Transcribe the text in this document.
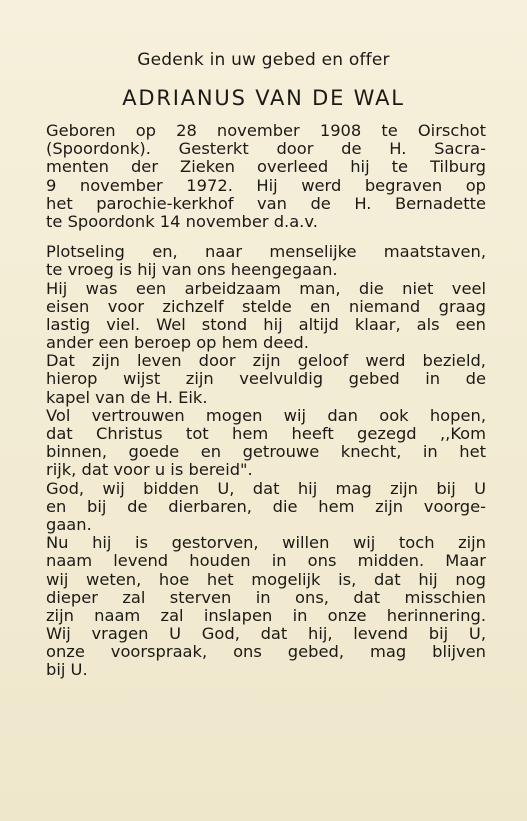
Gedenk in uw gebed en offer
ADRIANUS VAN DE WAL
Geboren op 28 november 1908 te Oirschot
(Spoordonk). Gesterkt door de H. Sacra-
menten der Zieken overleed hij te Tilburg
9 november 1972. Hij werd begraven op
het parochie-kerkhof van de H. Bernadette
te Spoordonk 14 november d.a.v.
Plotseling en, naar menselijke maatstaven,
te vroeg is hij van ons heengegaan.
Hij was een arbeidzaam man, die niet veel
eisen voor zichzelf stelde en niemand graag
lastig viel. Wel stond hij altijd klaar, als een
ander een beroep op hem deed.
Dat zijn leven door zijn geloof werd bezield,
hierop wijst zijn veelvuldig gebed in de
kapel van de H. Eik.
Vol vertrouwen mogen wij dan ook hopen,
dat Christus tot hem heeft gezegd ,,Kom
binnen, goede en getrouwe knecht, in het
rijk, dat voor u is bereid".
God, wij bidden U, dat hij mag zijn bij U
en bij de dierbaren, die hem zijn voorge-
gaan.
Nu hij is gestorven, willen wij toch zijn
naam levend houden in ons midden. Maar
wij weten, hoe het mogelijk is, dat hij nog
dieper zal sterven in ons, dat misschien
zijn naam zal inslapen in onze herinnering.
Wij vragen U God, dat hij, levend bij U,
onze voorspraak, ons gebed, mag blijven
bij U.
